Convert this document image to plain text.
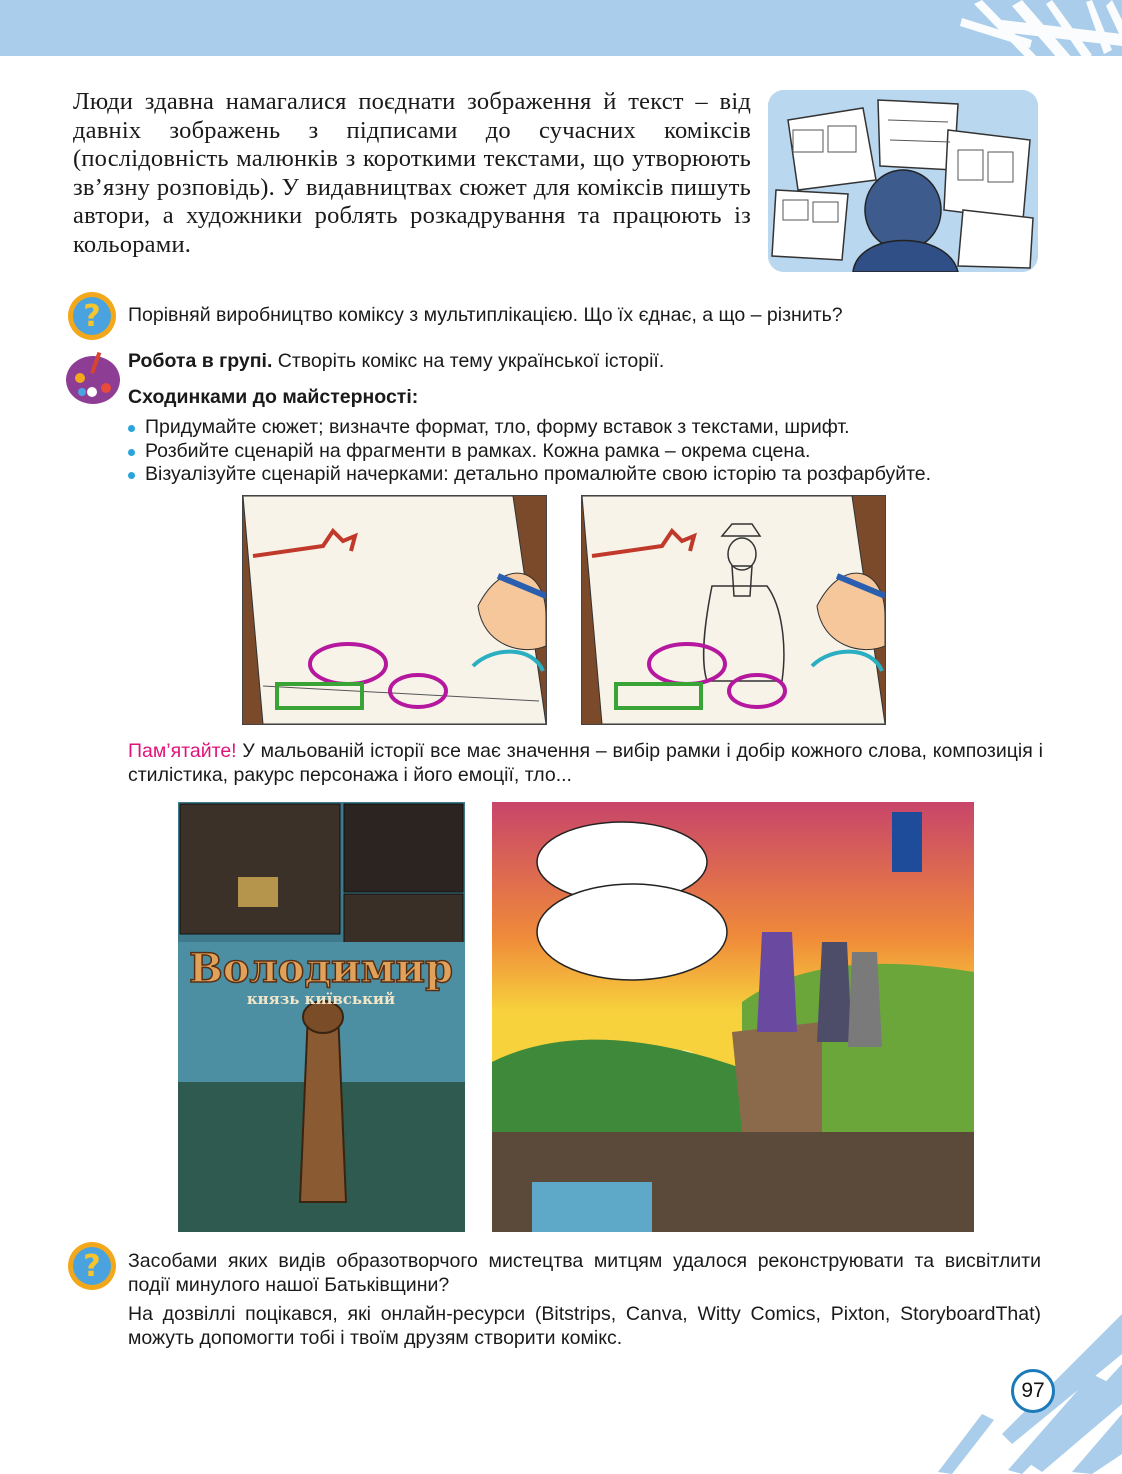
Люди здавна намагалися поєднати зображення й текст – від давніх зображень з підписами до сучасних коміксів (послідовність малюнків з короткими текстами, що утворюють зв’язну розповідь). У видавництвах сюжет для коміксів пишуть автори, а художники роблять розкадрування та працюють із кольорами.

? Порівняй виробництво коміксу з мультиплікацією. Що їх єднає, а що – різнить?

Робота в групі. Створіть комікс на тему української історії.

Сходинками до майстерності:

Придумайте сюжет; визначте формат, тло, форму вставок з текстами, шрифт.
Розбийте сценарій на фрагменти в рамках. Кожна рамка – окрема сцена.
Візуалізуйте сценарій начерками: детально промалюйте свою історію та розфарбуйте.

Пам’ятайте! У мальованій історії все має значення – вибір рамки і добір кожного слова, композиція і стилістика, ракурс персонажа і його емоції, тло...

Володимир
князь київський
? Засобами яких видів образотворчого мистецтва митцям удалося реконструювати та висвітлити події минулого нашої Батьківщини?

На дозвіллі поцікався, які онлайн-ресурси (Bitstrips, Canva, Witty Comics, Pixton, StoryboardThat) можуть допомогти тобі і твоїм друзям створити комікс.

97
